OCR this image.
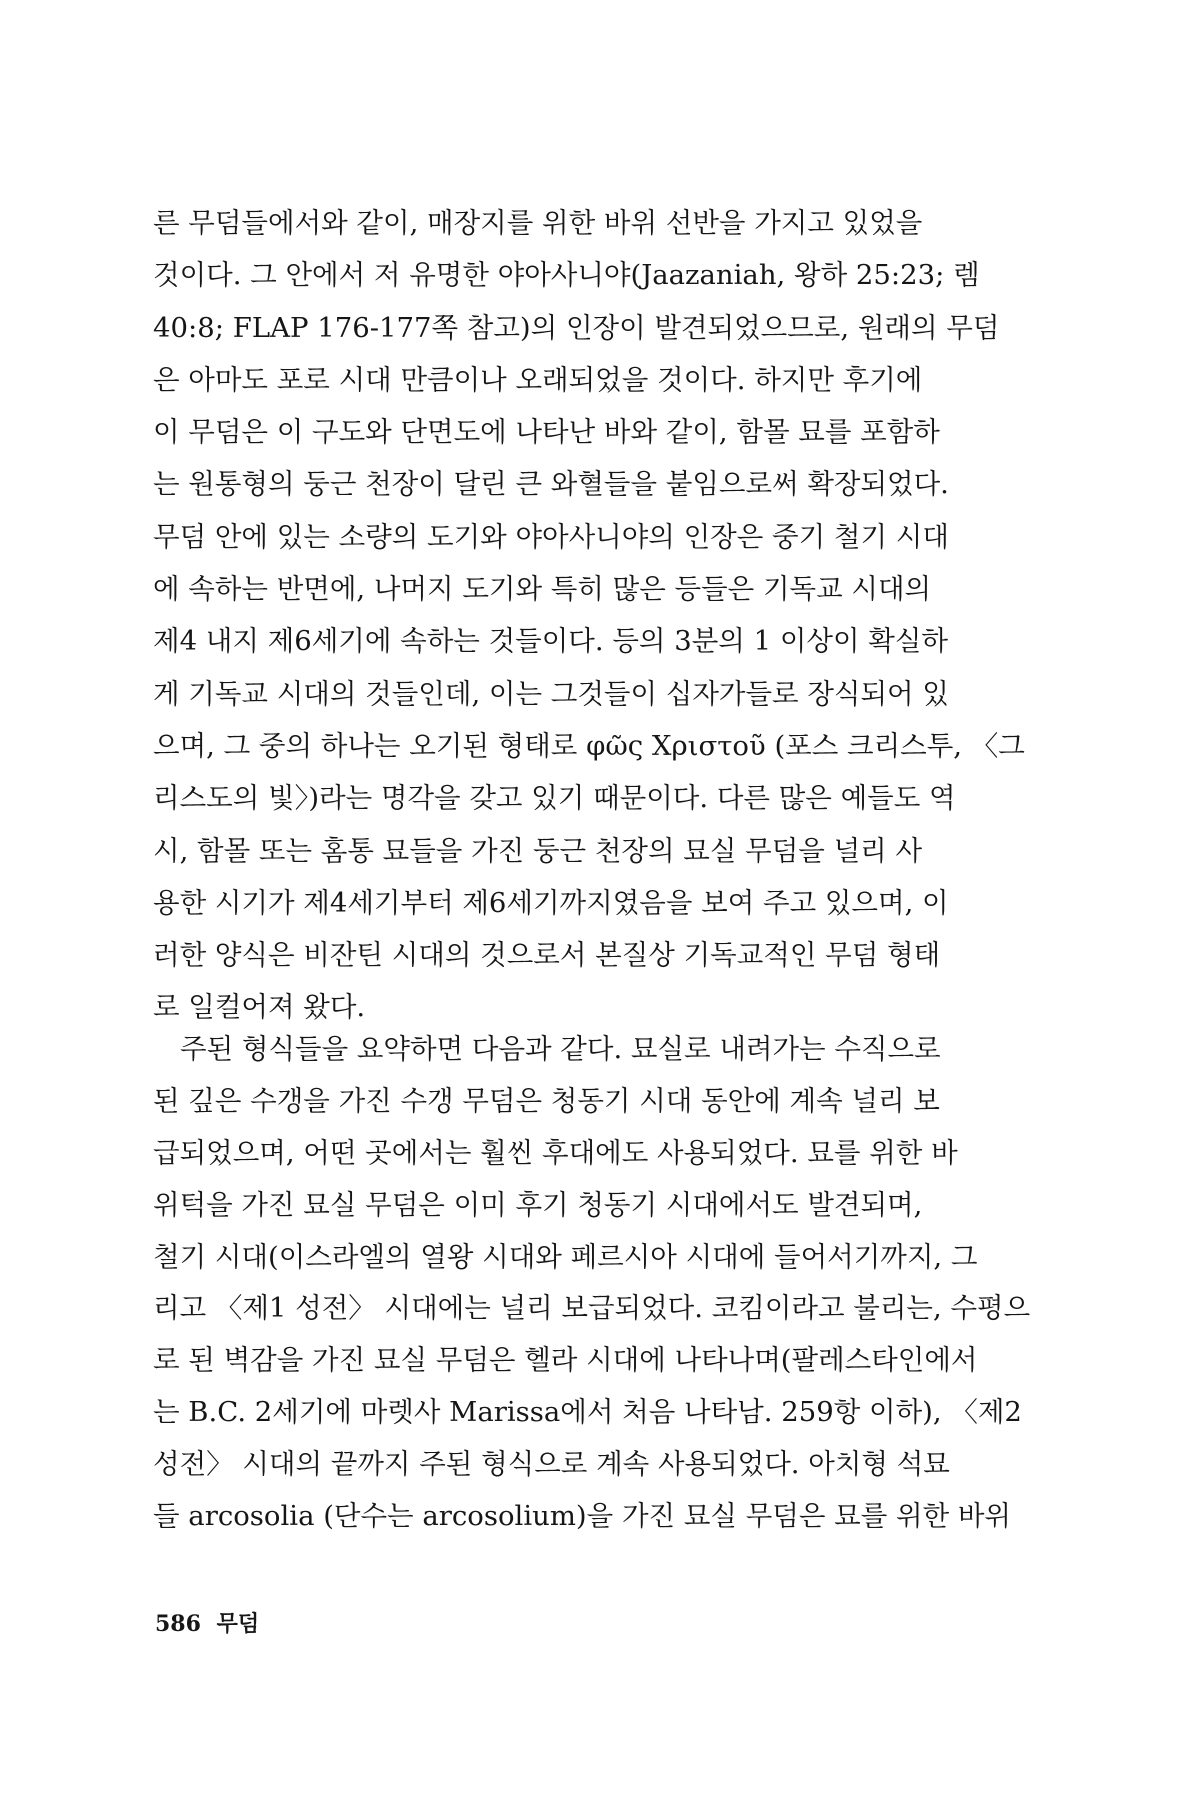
른 무덤들에서와 같이, 매장지를 위한 바위 선반을 가지고 있었을
것이다. 그 안에서 저 유명한 야아사니야(Jaazaniah, 왕하 25:23; 렘
40:8; FLAP 176-177쪽 참고)의 인장이 발견되었으므로, 원래의 무덤
은 아마도 포로 시대 만큼이나 오래되었을 것이다. 하지만 후기에
이 무덤은 이 구도와 단면도에 나타난 바와 같이, 함몰 묘를 포함하
는 원통형의 둥근 천장이 달린 큰 와혈들을 붙임으로써 확장되었다.
무덤 안에 있는 소량의 도기와 야아사니야의 인장은 중기 철기 시대
에 속하는 반면에, 나머지 도기와 특히 많은 등들은 기독교 시대의
제4 내지 제6세기에 속하는 것들이다. 등의 3분의 1 이상이 확실하
게 기독교 시대의 것들인데, 이는 그것들이 십자가들로 장식되어 있
으며, 그 중의 하나는 오기된 형태로 φῶς Χριστοῦ (포스 크리스투, 〈그
리스도의 빛〉)라는 명각을 갖고 있기 때문이다. 다른 많은 예들도 역
시, 함몰 또는 홈통 묘들을 가진 둥근 천장의 묘실 무덤을 널리 사
용한 시기가 제4세기부터 제6세기까지였음을 보여 주고 있으며, 이
러한 양식은 비잔틴 시대의 것으로서 본질상 기독교적인 무덤 형태
로 일컬어져 왔다.
주된 형식들을 요약하면 다음과 같다. 묘실로 내려가는 수직으로
된 깊은 수갱을 가진 수갱 무덤은 청동기 시대 동안에 계속 널리 보
급되었으며, 어떤 곳에서는 훨씬 후대에도 사용되었다. 묘를 위한 바
위턱을 가진 묘실 무덤은 이미 후기 청동기 시대에서도 발견되며,
철기 시대(이스라엘의 열왕 시대와 페르시아 시대에 들어서기까지, 그
리고 〈제1 성전〉 시대에는 널리 보급되었다. 코킴이라고 불리는, 수평으
로 된 벽감을 가진 묘실 무덤은 헬라 시대에 나타나며(팔레스타인에서
는 B.C. 2세기에 마렛사 Marissa에서 처음 나타남. 259항 이하), 〈제2
성전〉 시대의 끝까지 주된 형식으로 계속 사용되었다. 아치형 석묘
들 arcosolia (단수는 arcosolium)을 가진 묘실 무덤은 묘를 위한 바위
586 무덤
